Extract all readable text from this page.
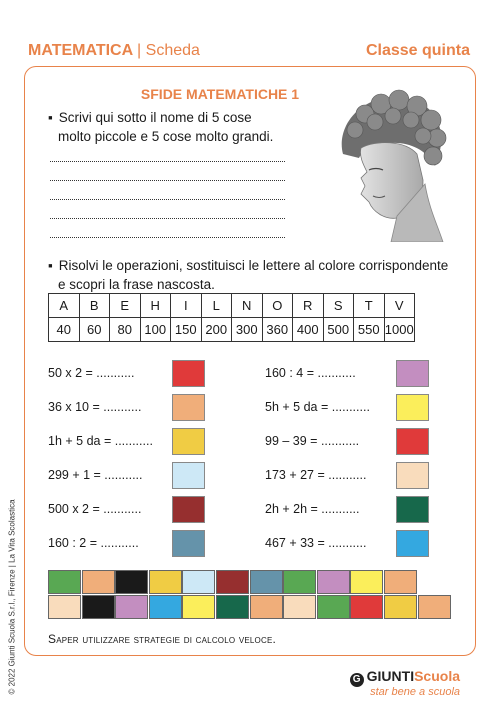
MATEMATICA | Scheda	Classe quinta
SFIDE MATEMATICHE 1
▪ Scrivi qui sotto il nome di 5 cose
molto piccole e 5 cose molto grandi.
▪ Risolvi le operazioni, sostituisci le lettere al colore corrispondente
e scopri la frase nascosta.
A	B	E	H	I	L	N	O	R	S	T	V
40	60	80	100	150	200	300	360	400	500	550	1000
50 x 2 = ...........
36 x 10 = ...........
1h + 5 da = ...........
299 + 1 = ...........
500 x 2 = ...........
160 : 2 = ...........
160 : 4 = ...........
5h + 5 da = ...........
99 – 39 = ...........
173 + 27 = ...........
2h + 2h = ...........
467 + 33 = ...........
Saper utilizzare strategie di calcolo veloce.
© 2022 Giunti Scuola S.r.l., Firenze | La Vita Scolastica	G GIUNTIScuola
star bene a scuola
